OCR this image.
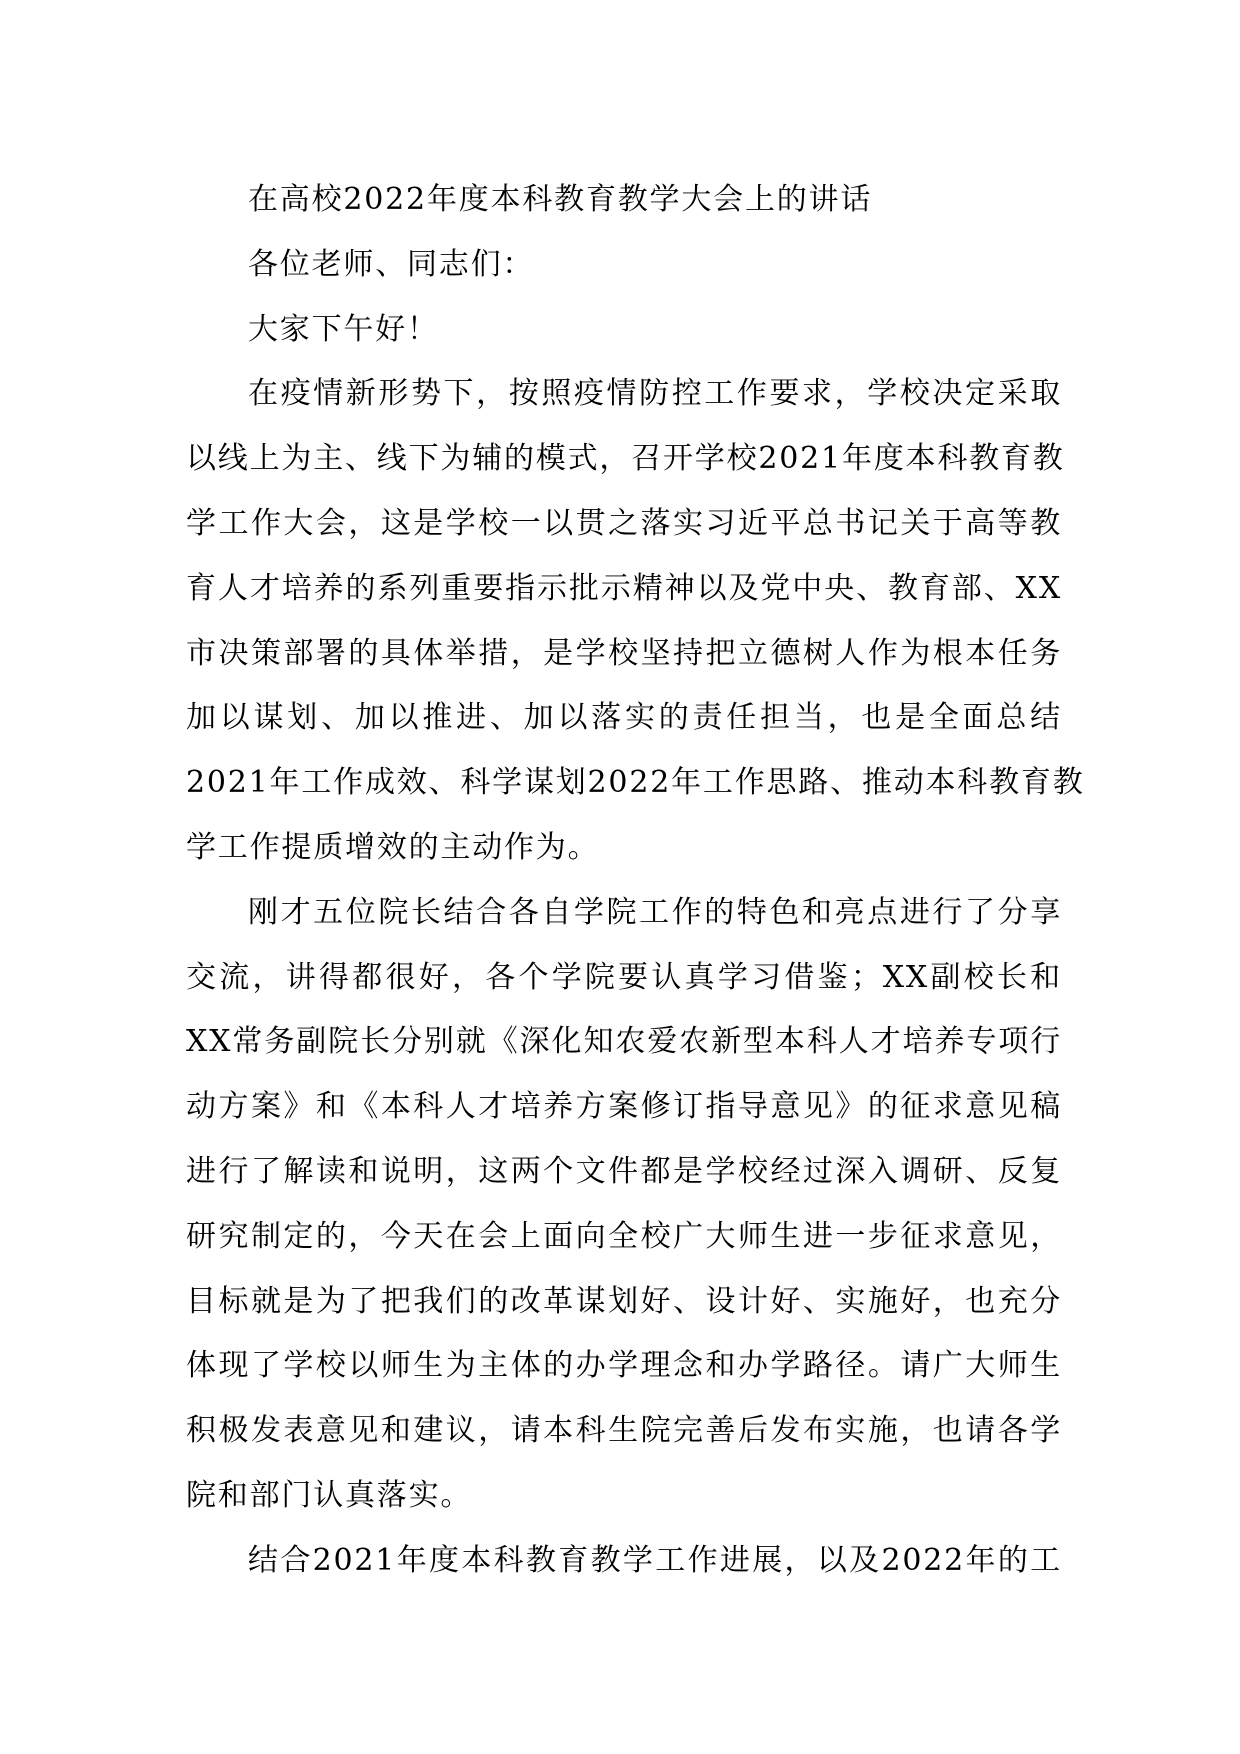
在高校2022年度本科教育教学大会上的讲话
各位老师、同志们：
大家下午好！
在疫情新形势下，按照疫情防控工作要求，学校决定采取
以线上为主、线下为辅的模式，召开学校2021年度本科教育教
学工作大会，这是学校一以贯之落实习近平总书记关于高等教
育人才培养的系列重要指示批示精神以及党中央、教育部、XX
市决策部署的具体举措，是学校坚持把立德树人作为根本任务
加以谋划、加以推进、加以落实的责任担当，也是全面总结
2021年工作成效、科学谋划2022年工作思路、推动本科教育教
学工作提质增效的主动作为。
刚才五位院长结合各自学院工作的特色和亮点进行了分享
交流，讲得都很好，各个学院要认真学习借鉴；XX副校长和
XX常务副院长分别就《深化知农爱农新型本科人才培养专项行
动方案》和《本科人才培养方案修订指导意见》的征求意见稿
进行了解读和说明，这两个文件都是学校经过深入调研、反复
研究制定的，今天在会上面向全校广大师生进一步征求意见，
目标就是为了把我们的改革谋划好、设计好、实施好，也充分
体现了学校以师生为主体的办学理念和办学路径。请广大师生
积极发表意见和建议，请本科生院完善后发布实施，也请各学
院和部门认真落实。
结合2021年度本科教育教学工作进展，以及2022年的工
